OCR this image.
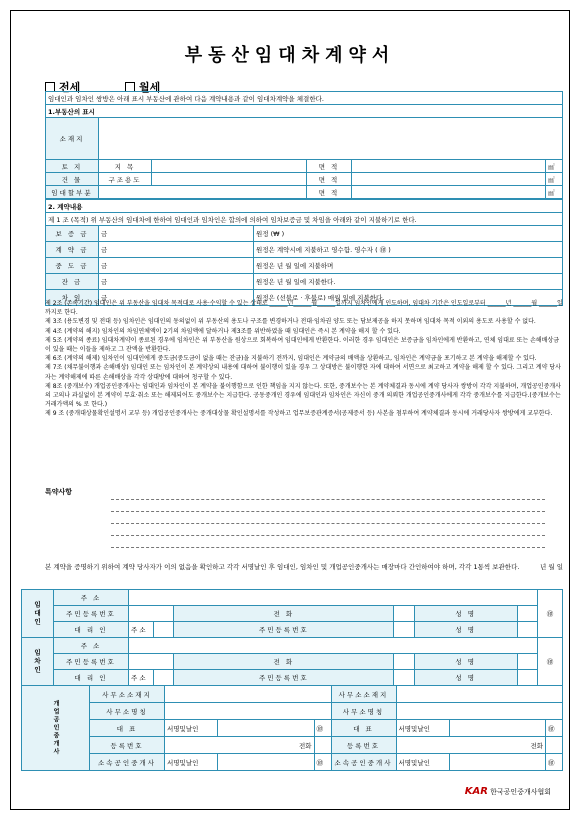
부동산임대차계약서
전세	월세
임대인과 임차인 쌍방은 아래 표시 부동산에 관하여 다음 계약내용과 같이 임대차계약을 체결한다.					
1.부동산의 표시					
소재지					
토 지	지 목		면 적		㎡
건 물	구조용도		면 적		㎡
임대할부분			면 적		㎡
2. 계약내용		
제 1 조 (목적) 위 부동산의 임대차에 한하여 임대인과 임차인은 합의에 의하여 임차보증금 및 차임을 아래와 같이 지불하기로 한다.		
보 증 금	금	원정 (₩ )
계 약 금	금	원정은 계약시에 지불하고 영수함. 영수자 ( ㊞ )
중 도 금	금	원정은 년 월 일에 지불하며
잔 금	금	원정은 년 월 일에 지불한다.
차 임	금	원정은 (선불로 · 후불로) 매월 일에 지불한다.
제 2조 (존속기간) 임대인은 위 부동산을 임대차 목적대로 사용·수익할 수 있는 상태로 ______년______월______일까지 임차인에게 인도하며, 임대차 기간은 인도일로부터 ______년 ______월 ______일까지로 한다.
제 3조 (용도변경 및 전대 등) 임차인은 임대인의 동의없이 위 부동산의 용도나 구조를 변경하거나 전대·임차권 양도 또는 담보제공을 하지 못하며 임대차 목적 이외의 용도로 사용할 수 없다.
제 4조 (계약의 해지) 임차인의 차임연체액이 2기의 차임액에 달하거나 제3조를 위반하였을 때 임대인은 즉시 본 계약을 해지 할 수 있다.
제 5조 (계약의 종료) 임대차계약이 종료된 경우에 임차인은 위 부동산을 원상으로 회복하여 임대인에게 반환한다. 이러한 경우 임대인은 보증금을 임차인에게 반환하고, 연체 임대료 또는 손해배상금이 있을 때는 이들을 제하고 그 잔액을 반환한다.
제 6조 (계약의 해제) 임차인이 임대인에게 중도금(중도금이 없을 때는 잔금)을 지불하기 전까지, 임대인은 계약금의 배액을 상환하고, 임차인은 계약금을 포기하고 본 계약을 해제할 수 있다.
제 7조 (채무불이행과 손해배상) 임대인 또는 임차인이 본 계약상의 내용에 대하여 불이행이 있을 경우 그 상대방은 불이행한 자에 대하여 서면으로 최고하고 계약을 해제 할 수 있다. 그리고 계약 당사자는 계약해제에 따른 손해배상을 각각 상대방에 대하여 청구할 수 있다.
제 8조 (중개보수) 개업공인중개사는 임대인과 임차인이 본 계약을 불이행함으로 인한 책임을 지지 않는다. 또한, 중개보수는 본 계약체결과 동시에 계약 당사자 쌍방이 각각 지불하며, 개업공인중개사의 고의나 과실없이 본 계약이 무효·취소 또는 해제되어도 중개보수는 지급한다. 공동중개인 경우에 임대인과 임차인은 자신이 중개 의뢰한 개업공인중개사에게 각각 중개보수를 지급한다.(중개보수는 거래가액의 % 로 한다.)
제 9 조 (중개대상물확인설명서 교부 등) 개업공인중개사는 중개대상물 확인설명서를 작성하고 업무보증관계증서(공제증서 등) 사본을 첨부하여 계약체결과 동시에 거래당사자 쌍방에게 교부한다.
특약사항
본 계약을 증명하기 위하여 계약 당사자가 이의 없음을 확인하고 각각 서명날인 후 임대인, 임차인 및 개업공인중개사는 매장마다 간인하여야 하며, 각각 1통씩 보관한다.	년 월 일
임대인	주 소							㊞
	주민등록번호			전 화		성 명		
	대 리 인	주 소		주민등록번호		성 명		
임차인	주 소							㊞
	주민등록번호			전 화		성 명		
	대 리 인	주 소		주민등록번호		성 명		
개업공인중개사	사무소소재지				사무소소재지			
	사무소명칭				사무소명칭			
	대 표	서명및날인		㊞	대 표	서명및날인		㊞
	등록번호	전화			등록번호	전화		

	소속공인중개사	서명및날인		㊞	소속공인중개사	서명및날인		㊞
KAR 한국공인중개사협회
